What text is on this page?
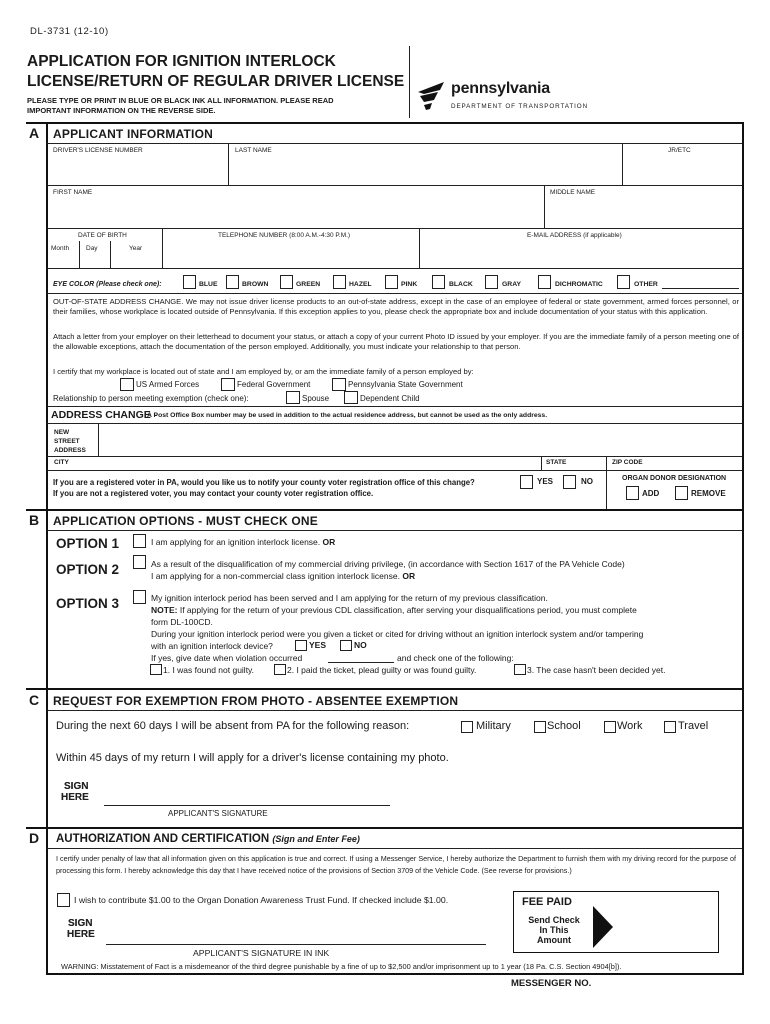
DL-3731 (12-10)
APPLICATION FOR IGNITION INTERLOCK
LICENSE/RETURN OF REGULAR DRIVER LICENSE
PLEASE TYPE OR PRINT IN BLUE OR BLACK INK ALL INFORMATION. PLEASE READ
IMPORTANT INFORMATION ON THE REVERSE SIDE.
pennsylvania
DEPARTMENT OF TRANSPORTATION
A APPLICANT INFORMATION
DRIVER'S LICENSE NUMBER	LAST NAME	JR/ETC
FIRST NAME	MIDDLE NAME
DATE OF BIRTH
Month	Day	Year
TELEPHONE NUMBER (8:00 A.M.-4:30 P.M.)	E-MAIL ADDRESS (if applicable)
EYE COLOR (Please check one):	BLUE	BROWN	GREEN	HAZEL	PINK	BLACK	GRAY	DICHROMATIC	OTHER
OUT-OF-STATE ADDRESS CHANGE. We may not issue driver license products to an out-of-state address, except in the case of an employee of federal or state government, armed forces personnel, or their families, whose workplace is located outside of Pennsylvania. If this exception applies to you, please check the appropriate box and include documentation of your status with this application.
Attach a letter from your employer on their letterhead to document your status, or attach a copy of your current Photo ID issued by your employer. If you are the immediate family of a person meeting one of the allowable exceptions, attach the documentation of the person employed. Additionally, you must indicate your relationship to that person.
I certify that my workplace is located out of state and I am employed by, or am the immediate family of a person employed by:
US Armed Forces	Federal Government	Pennsylvania State Government
Relationship to person meeting exemption (check one):	Spouse	Dependent Child
ADDRESS CHANGE -
A Post Office Box number may be used in addition to the actual residence address, but cannot be used as the only address.
NEW
STREET
ADDRESS
CITY	STATE	ZIP CODE
If you are a registered voter in PA, would you like us to notify your county voter registration office of this change?
If you are not a registered voter, you may contact your county voter registration office.
YES	NO	ORGAN DONOR DESIGNATION
ADD	REMOVE
B APPLICATION OPTIONS - MUST CHECK ONE
OPTION 1	I am applying for an ignition interlock license. OR
OPTION 2	As a result of the disqualification of my commercial driving privilege, (in accordance with Section 1617 of the PA Vehicle Code)
I am applying for a non-commercial class ignition interlock license. OR
OPTION 3	My ignition interlock period has been served and I am applying for the return of my previous classification.
NOTE: If applying for the return of your previous CDL classification, after serving your disqualifications period, you must complete
form DL-100CD.
During your ignition interlock period were you given a ticket or cited for driving without an ignition interlock system and/or tampering
with an ignition interlock device?	YES	NO
If yes, give date when violation occurred	and check one of the following:
1. I was found not guilty.	2. I paid the ticket, plead guilty or was found guilty.	3. The case hasn't been decided yet.
C REQUEST FOR EXEMPTION FROM PHOTO - ABSENTEE EXEMPTION
During the next 60 days I will be absent from PA for the following reason:	Military	School	Work	Travel
Within 45 days of my return I will apply for a driver's license containing my photo.
SIGN
HERE
APPLICANT'S SIGNATURE
D AUTHORIZATION AND CERTIFICATION (Sign and Enter Fee)
I certify under penalty of law that all information given on this application is true and correct. If using a Messenger Service, I hereby authorize the Department to furnish them with my driving record for the purpose of processing this form. I hereby acknowledge this day that I have received notice of the provisions of Section 3709 of the Vehicle Code. (See reverse for provisions.)
I wish to contribute $1.00 to the Organ Donation Awareness Trust Fund. If checked include $1.00.
SIGN
HERE
APPLICANT'S SIGNATURE IN INK
FEE PAID
Send Check
In This
Amount
WARNING: Misstatement of Fact is a misdemeanor of the third degree punishable by a fine of up to $2,500 and/or imprisonment up to 1 year (18 Pa. C.S. Section 4904[b]).
MESSENGER NO.
